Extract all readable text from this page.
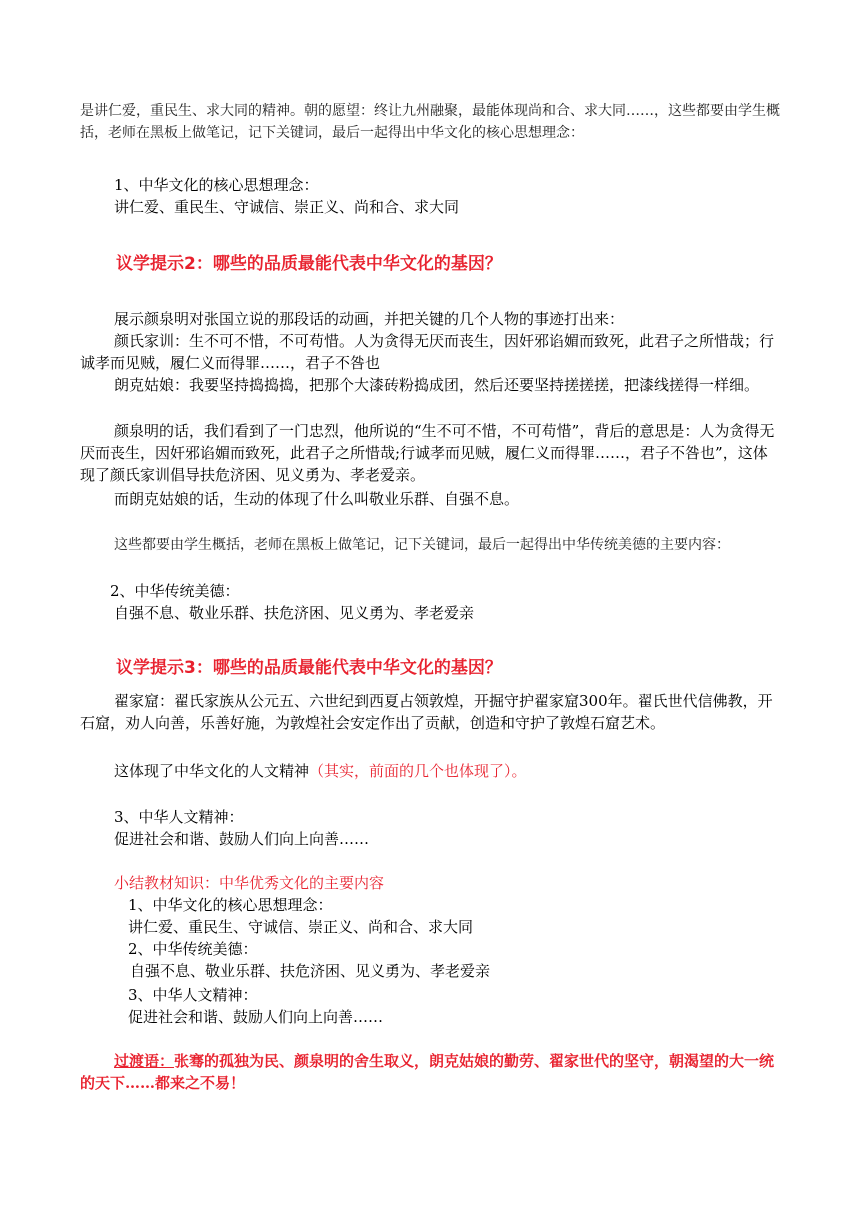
是讲仁爱，重民生、求大同的精神。朝的愿望：终让九州融聚，最能体现尚和合、求大同……，这些都要由学生概括，老师在黑板上做笔记，记下关键词，最后一起得出中华文化的核心思想理念：

1、中华文化的核心思想理念：

讲仁爱、重民生、守诚信、崇正义、尚和合、求大同

议学提示2：哪些的品质最能代表中华文化的基因？

展示颜泉明对张国立说的那段话的动画，并把关键的几个人物的事迹打出来：

颜氏家训：生不可不惜，不可苟惜。人为贪得无厌而丧生，因奸邪谄媚而致死，此君子之所惜哉；行诚孝而见贼，履仁义而得罪……，君子不咎也

朗克姑娘：我要坚持捣捣捣，把那个大漆砖粉捣成团，然后还要坚持搓搓搓，把漆线搓得一样细。

颜泉明的话，我们看到了一门忠烈，他所说的“生不可不惜，不可苟惜”，背后的意思是：人为贪得无厌而丧生，因奸邪谄媚而致死，此君子之所惜哉;行诚孝而见贼，履仁义而得罪……，君子不咎也”，这体现了颜氏家训倡导扶危济困、见义勇为、孝老爱亲。

而朗克姑娘的话，生动的体现了什么叫敬业乐群、自强不息。

这些都要由学生概括，老师在黑板上做笔记，记下关键词，最后一起得出中华传统美德的主要内容：

2、中华传统美德：

自强不息、敬业乐群、扶危济困、见义勇为、孝老爱亲

议学提示3：哪些的品质最能代表中华文化的基因？

翟家窟：翟氏家族从公元五、六世纪到西夏占领敦煌，开掘守护翟家窟300年。翟氏世代信佛教，开石窟，劝人向善，乐善好施，为敦煌社会安定作出了贡献，创造和守护了敦煌石窟艺术。

这体现了中华文化的人文精神（其实，前面的几个也体现了）。

3、中华人文精神：

促进社会和谐、鼓励人们向上向善……

小结教材知识：中华优秀文化的主要内容

1、中华文化的核心思想理念：

讲仁爱、重民生、守诚信、崇正义、尚和合、求大同

2、中华传统美德：

自强不息、敬业乐群、扶危济困、见义勇为、孝老爱亲

3、中华人文精神：

促进社会和谐、鼓励人们向上向善……

过渡语：张骞的孤独为民、颜泉明的舍生取义，朗克姑娘的勤劳、翟家世代的坚守，朝渴望的大一统的天下……都来之不易！
